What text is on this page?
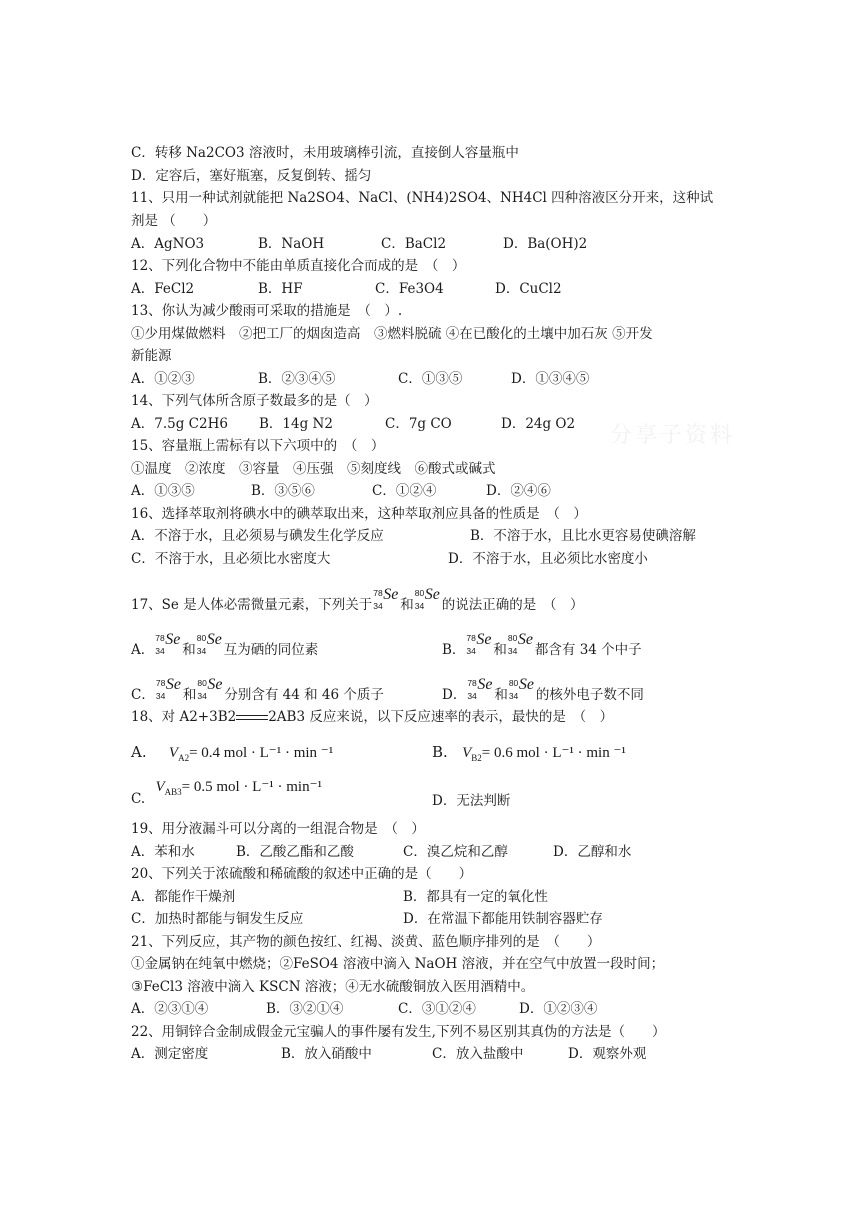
分享子资料
C．转移 Na2CO3 溶液时，未用玻璃棒引流，直接倒人容量瓶中
D．定容后，塞好瓶塞，反复倒转、摇匀
11、只用一种试剂就能把 Na2SO4、NaCl、(NH4)2SO4、NH4Cl 四种溶液区分开来，这种试
剂是 （　　）
A．AgNO3	B．NaOH	C．BaCl2	D．Ba(OH)2
12、下列化合物中不能由单质直接化合而成的是　（　）
A．FeCl2	B．HF	C．Fe3O4	D．CuCl2
13、你认为减少酸雨可采取的措施是　（　）.
①少用煤做燃料　②把工厂的烟囱造高　③燃料脱硫 ④在已酸化的土壤中加石灰 ⑤开发
新能源
A．①②③	B．②③④⑤	C．①③⑤	D．①③④⑤
14、下列气体所含原子数最多的是（　）
A．7.5g C2H6 B．14g N2	C．7g CO	D．24g O2
15、容量瓶上需标有以下六项中的　（　）
①温度　②浓度　③容量　④压强　⑤刻度线　⑥酸式或碱式
A．①③⑤	B．③⑤⑥	C．①②④	D．②④⑥
16、选择萃取剂将碘水中的碘萃取出来，这种萃取剂应具备的性质是　（　）
A．不溶于水，且必须易与碘发生化学反应	B．不溶于水，且比水更容易使碘溶解
C．不溶于水，且必须比水密度大	D．不溶于水，且必须比水密度小
17、Se 是人体必需微量元素，下列关于
78
34
Se
和
80
34
Se
的说法正确的是　（　）
A．
78
34
Se
和
80
34
Se
互为硒的同位素	B．
78
34
Se
和
80
34
Se
都含有 34 个中子
C．
78
34
Se
和
80
34
Se
分别含有 44 和 46 个质子	D．
78
34
Se
和
80
34
Se
的核外电子数不同
18、对 A2+3B2 2AB3 反应来说，以下反应速率的表示，最快的是　（　）
A. $V_{A2}= 0.4$ mol · L⁻¹ · min ⁻¹	B. $V_{B2}= 0.6$ mol · L⁻¹ · min ⁻¹
C. $V_{AB3}= 0.5$ mol · L⁻¹ · min⁻¹
D．无法判断
19、用分液漏斗可以分离的一组混合物是　（　）
A．苯和水	B．乙酸乙酯和乙酸	C．溴乙烷和乙醇	D．乙醇和水
20、下列关于浓硫酸和稀硫酸的叙述中正确的是（　　）
A．都能作干燥剂	B．都具有一定的氧化性
C．加热时都能与铜发生反应	D．在常温下都能用铁制容器贮存
21、下列反应，其产物的颜色按红、红褐、淡黄、蓝色顺序排列的是　（　　）
①金属钠在纯氧中燃烧；②FeSO4 溶液中滴入 NaOH 溶液，并在空气中放置一段时间；
③FeCl3 溶液中滴入 KSCN 溶液；④无水硫酸铜放入医用酒精中。
A．②③①④	B．③②①④	C．③①②④	D．①②③④
22、用铜锌合金制成假金元宝骗人的事件屡有发生,下列不易区别其真伪的方法是（　　）
A．测定密度	B．放入硝酸中	C．放入盐酸中	D．观察外观
